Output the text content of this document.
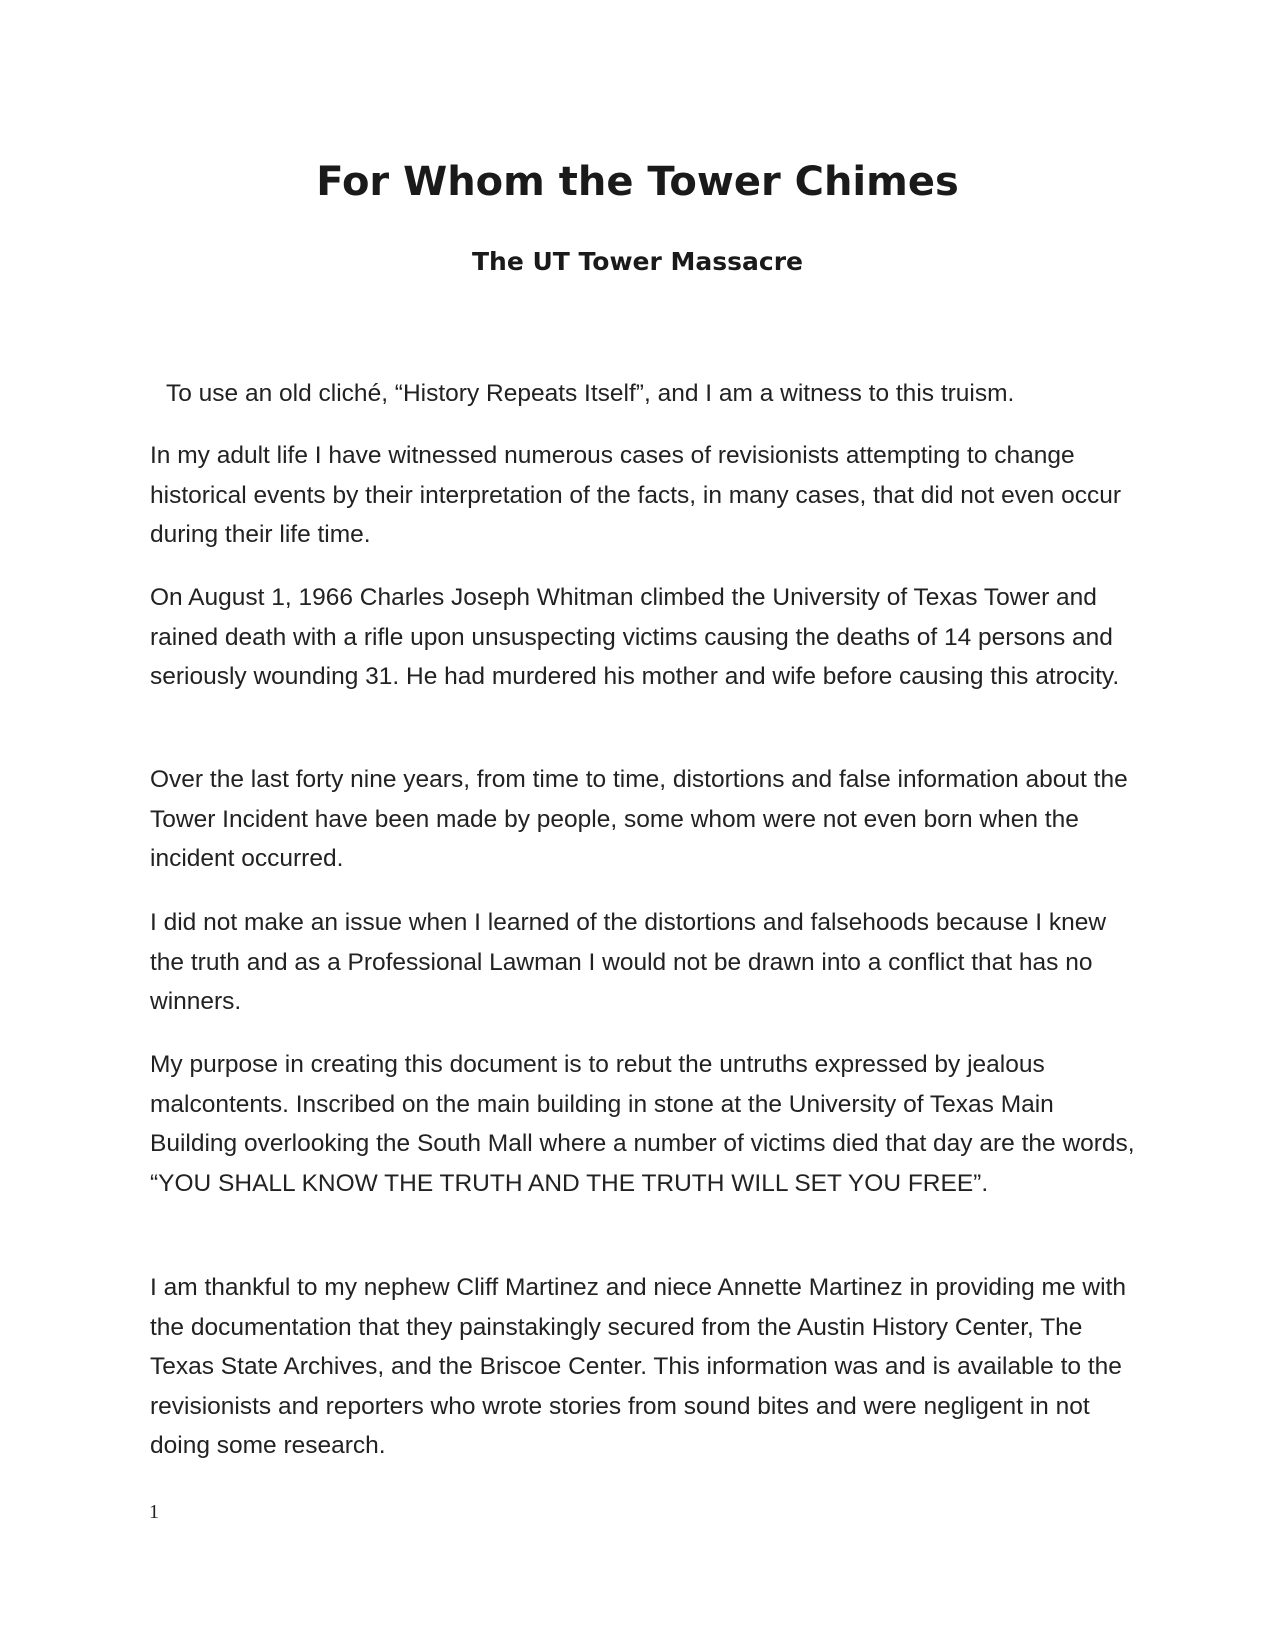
For Whom the Tower Chimes
The UT Tower Massacre

To use an old cliché, “History Repeats Itself”, and I am a witness to this truism.

In my adult life I have witnessed numerous cases of revisionists attempting to change historical events by their interpretation of the facts, in many cases, that did not even occur during their life time.

On August 1, 1966 Charles Joseph Whitman climbed the University of Texas Tower and rained death with a rifle upon unsuspecting victims causing the deaths of 14 persons and seriously wounding 31. He had murdered his mother and wife before causing this atrocity.

Over the last forty nine years, from time to time, distortions and false information about the Tower Incident have been made by people, some whom were not even born when the incident occurred.

I did not make an issue when I learned of the distortions and falsehoods because I knew the truth and as a Professional Lawman I would not be drawn into a conflict that has no winners.

My purpose in creating this document is to rebut the untruths expressed by jealous malcontents. Inscribed on the main building in stone at the University of Texas Main Building overlooking the South Mall where a number of victims died that day are the words, “YOU SHALL KNOW THE TRUTH AND THE TRUTH WILL SET YOU FREE”.

I am thankful to my nephew Cliff Martinez and niece Annette Martinez in providing me with the documentation that they painstakingly secured from the Austin History Center, The Texas State Archives, and the Briscoe Center. This information was and is available to the revisionists and reporters who wrote stories from sound bites and were negligent in not doing some research.

1
